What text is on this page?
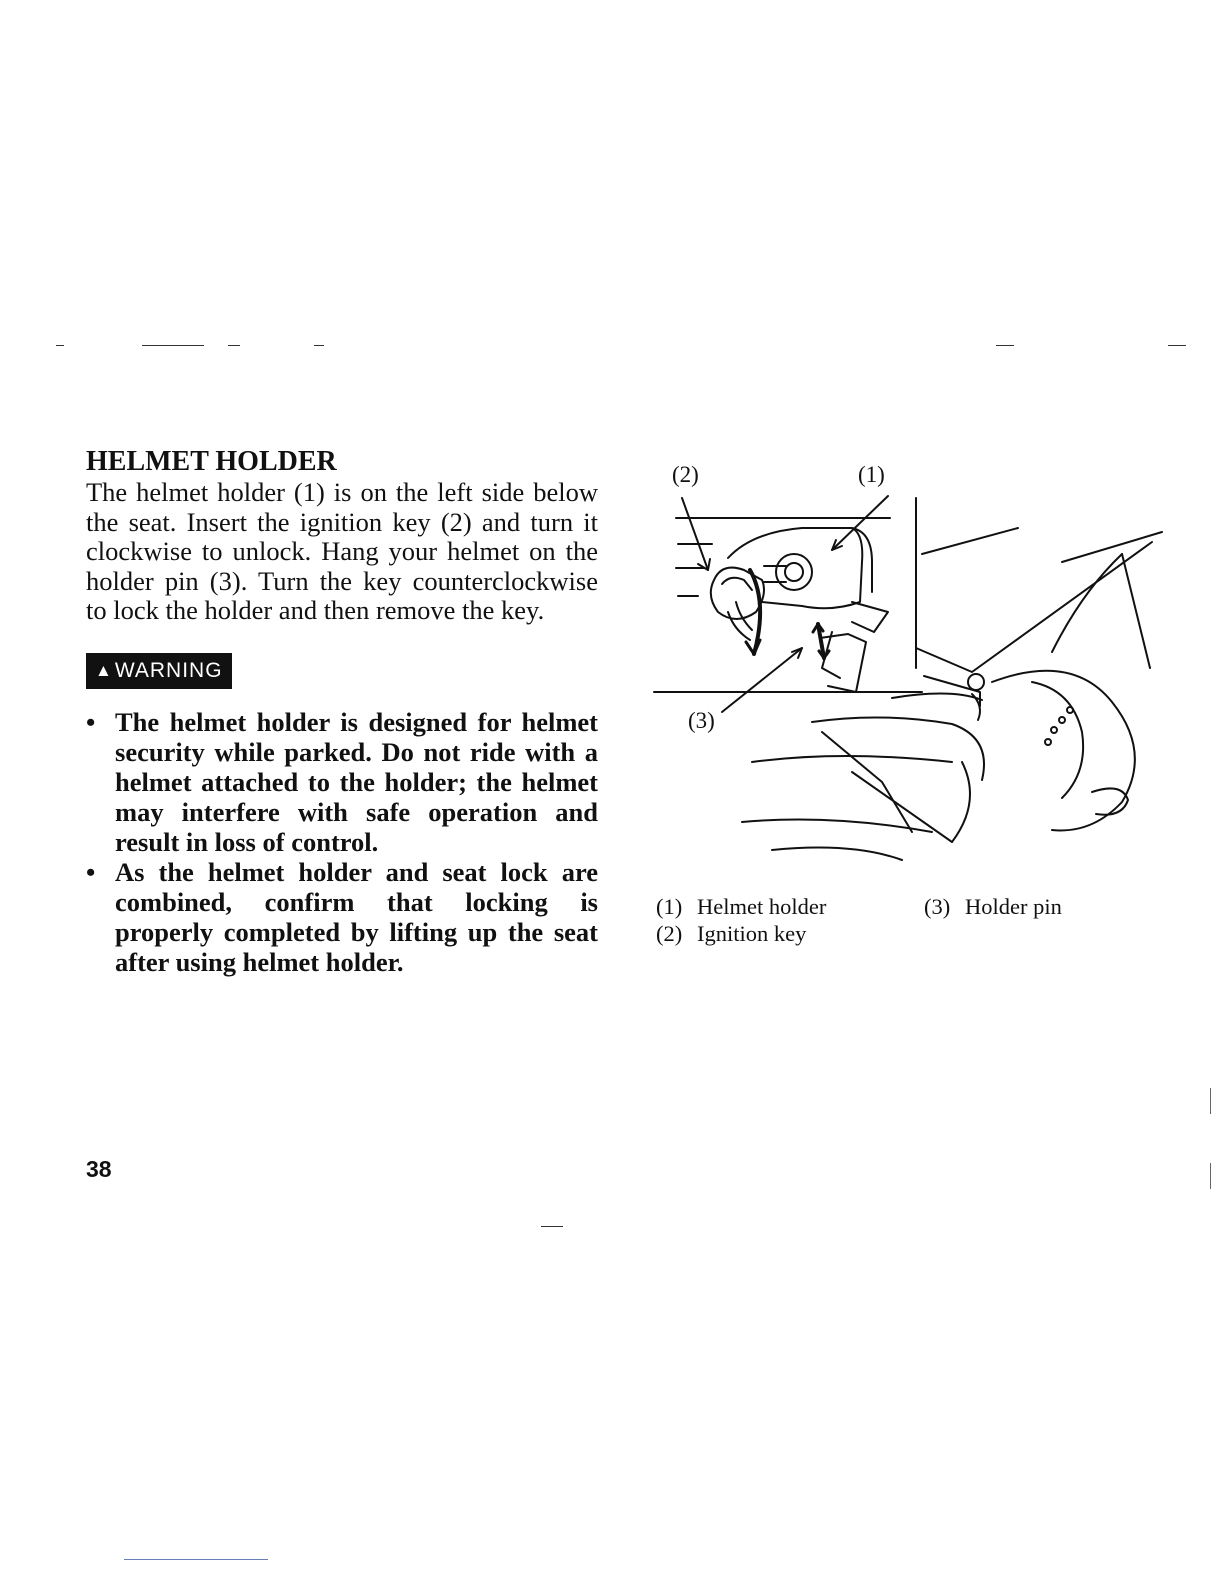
HELMET HOLDER

The helmet holder (1) is on the left side below the seat. Insert the ignition key (2) and turn it clockwise to unlock. Hang your helmet on the holder pin (3). Turn the key counterclockwise to lock the holder and then remove the key.

▲ WARNING
• The helmet holder is designed for helmet security while parked. Do not ride with a helmet attached to the holder; the helmet may interfere with safe operation and result in loss of control.
• As the helmet holder and seat lock are combined, confirm that locking is properly completed by lifting up the seat after using helmet holder.
(2)	(1)
(3)
(1) Helmet holder
(2) Ignition key
(3) Holder pin
38
